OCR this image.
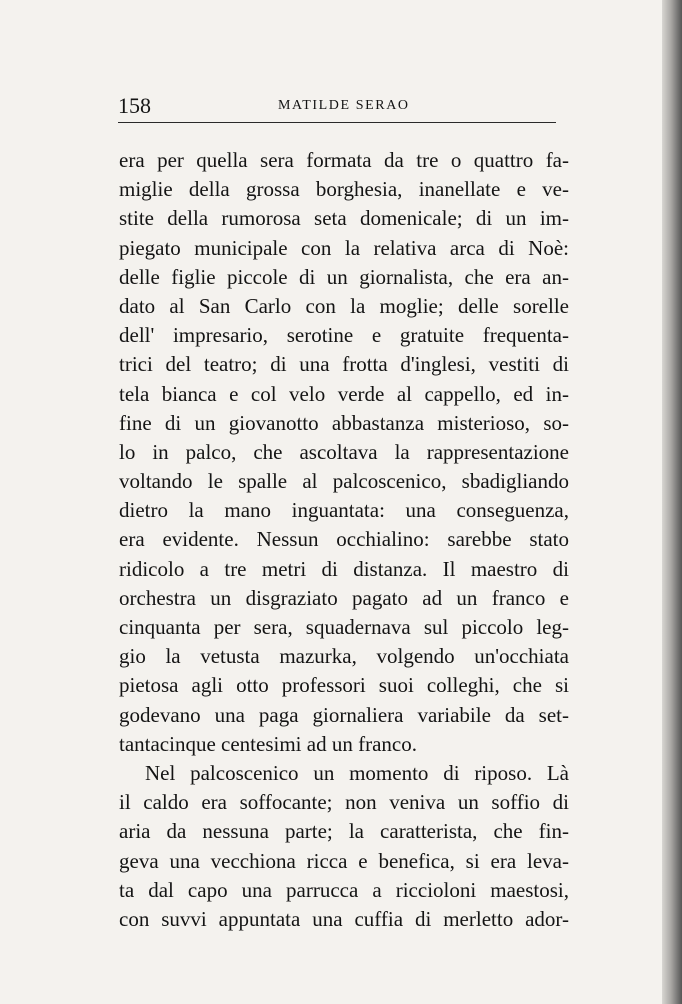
158	MATILDE SERAO
era per quella sera formata da tre o quattro fa-
miglie della grossa borghesia, inanellate e ve-
stite della rumorosa seta domenicale; di un im-
piegato municipale con la relativa arca di Noè:
delle figlie piccole di un giornalista, che era an-
dato al San Carlo con la moglie; delle sorelle
dell' impresario, serotine e gratuite frequenta-
trici del teatro; di una frotta d'inglesi, vestiti di
tela bianca e col velo verde al cappello, ed in-
fine di un giovanotto abbastanza misterioso, so-
lo in palco, che ascoltava la rappresentazione
voltando le spalle al palcoscenico, sbadigliando
dietro la mano inguantata: una conseguenza,
era evidente. Nessun occhialino: sarebbe stato
ridicolo a tre metri di distanza. Il maestro di
orchestra un disgraziato pagato ad un franco e
cinquanta per sera, squadernava sul piccolo leg-
gio la vetusta mazurka, volgendo un'occhiata
pietosa agli otto professori suoi colleghi, che si
godevano una paga giornaliera variabile da set-
tantacinque centesimi ad un franco.
Nel palcoscenico un momento di riposo. Là
il caldo era soffocante; non veniva un soffio di
aria da nessuna parte; la caratterista, che fin-
geva una vecchiona ricca e benefica, si era leva-
ta dal capo una parrucca a riccioloni maestosi,
con suvvi appuntata una cuffia di merletto ador-
